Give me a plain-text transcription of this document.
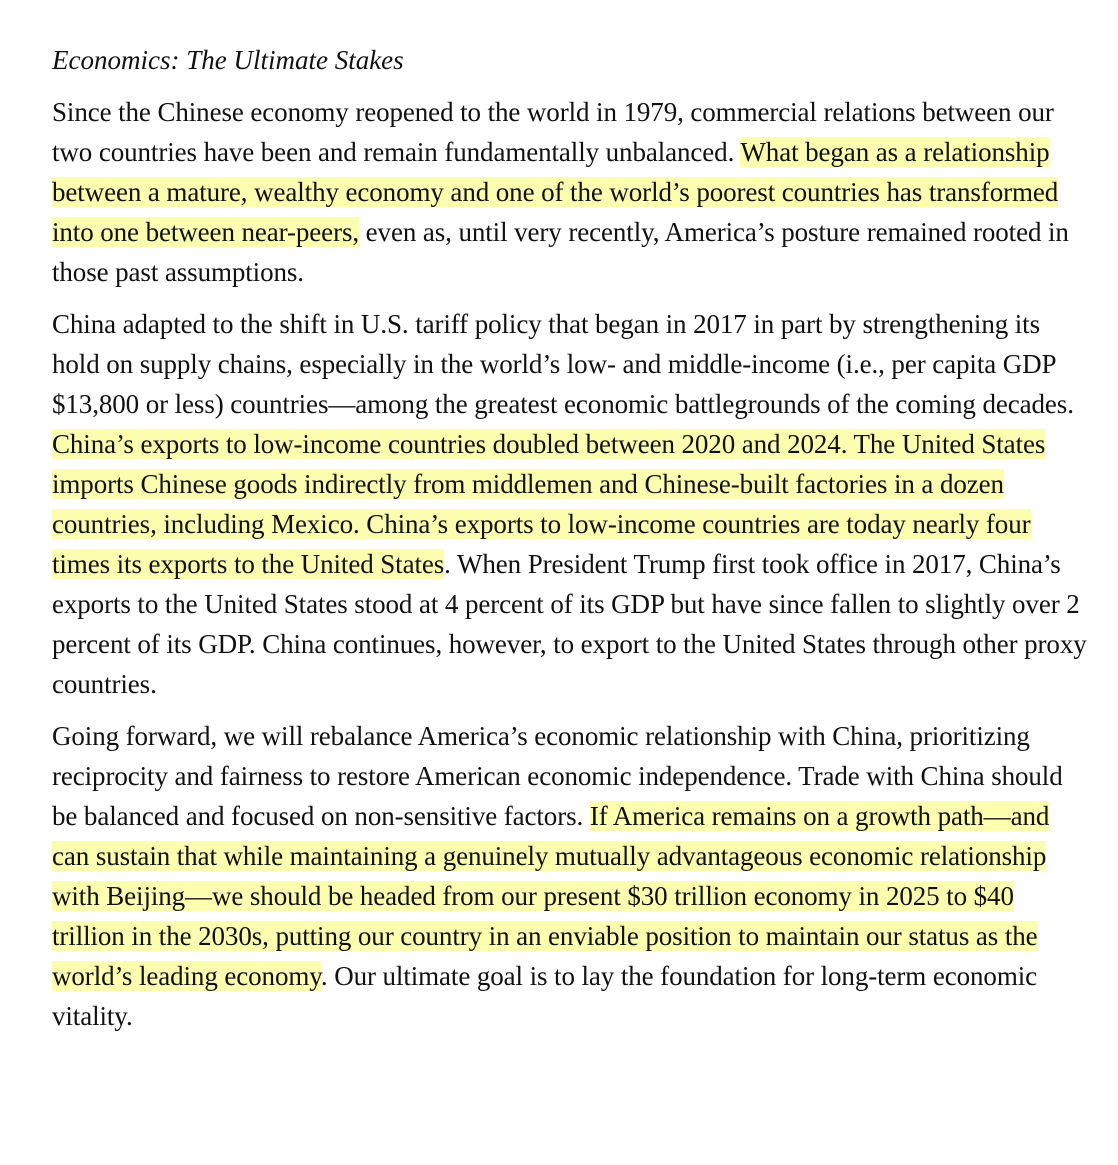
Economics: The Ultimate Stakes

Since the Chinese economy reopened to the world in 1979, commercial relations between our two countries have been and remain fundamentally unbalanced. What began as a relationship between a mature, wealthy economy and one of the world’s poorest countries has transformed into one between near-peers, even as, until very recently, America’s posture remained rooted in those past assumptions.

China adapted to the shift in U.S. tariff policy that began in 2017 in part by strengthening its hold on supply chains, especially in the world’s low- and middle-income (i.e., per capita GDP $13,800 or less) countries—among the greatest economic battlegrounds of the coming decades. China’s exports to low-income countries doubled between 2020 and 2024. The United States imports Chinese goods indirectly from middlemen and Chinese-built factories in a dozen countries, including Mexico. China’s exports to low-income countries are today nearly four times its exports to the United States. When President Trump first took office in 2017, China’s exports to the United States stood at 4 percent of its GDP but have since fallen to slightly over 2 percent of its GDP. China continues, however, to export to the United States through other proxy countries.

Going forward, we will rebalance America’s economic relationship with China, prioritizing reciprocity and fairness to restore American economic independence. Trade with China should be balanced and focused on non-sensitive factors. If America remains on a growth path—and can sustain that while maintaining a genuinely mutually advantageous economic relationship with Beijing—we should be headed from our present $30 trillion economy in 2025 to $40 trillion in the 2030s, putting our country in an enviable position to maintain our status as the world’s leading economy. Our ultimate goal is to lay the foundation for long-term economic vitality.
